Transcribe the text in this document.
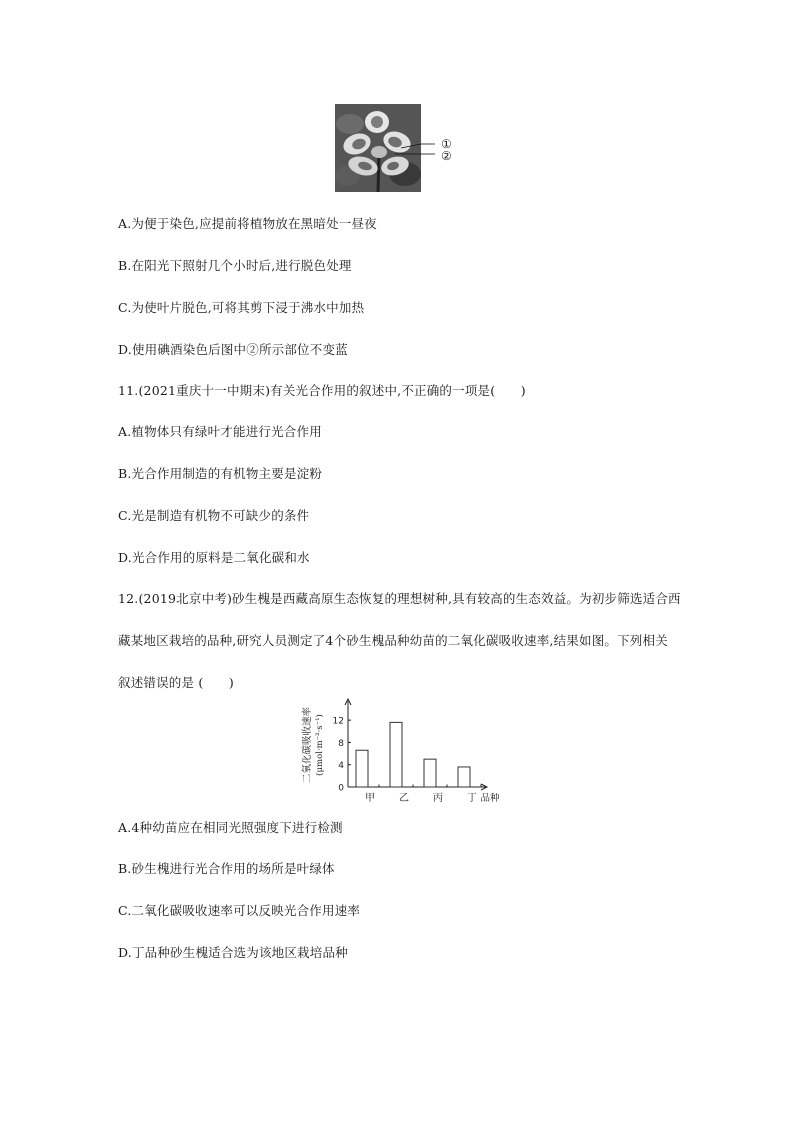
①
②
A.为便于染色,应提前将植物放在黑暗处一昼夜
B.在阳光下照射几个小时后,进行脱色处理
C.为使叶片脱色,可将其剪下浸于沸水中加热
D.使用碘酒染色后图中②所示部位不变蓝
11.(2021重庆十一中期末)有关光合作用的叙述中,不正确的一项是(　　)
A.植物体只有绿叶才能进行光合作用
B.光合作用制造的有机物主要是淀粉
C.光是制造有机物不可缺少的条件
D.光合作用的原料是二氧化碳和水
12.(2019北京中考)砂生槐是西藏高原生态恢复的理想树种,具有较高的生态效益。为初步筛选适合西
藏某地区栽培的品种,研究人员测定了4个砂生槐品种幼苗的二氧化碳吸收速率,结果如图。下列相关
叙述错误的是 (　　)
二氧化碳吸收速率 (μmol·m⁻²·s⁻¹)
0
4
8
12
甲 乙 丙 丁 品种
A.4种幼苗应在相同光照强度下进行检测
B.砂生槐进行光合作用的场所是叶绿体
C.二氧化碳吸收速率可以反映光合作用速率
D.丁品种砂生槐适合选为该地区栽培品种
